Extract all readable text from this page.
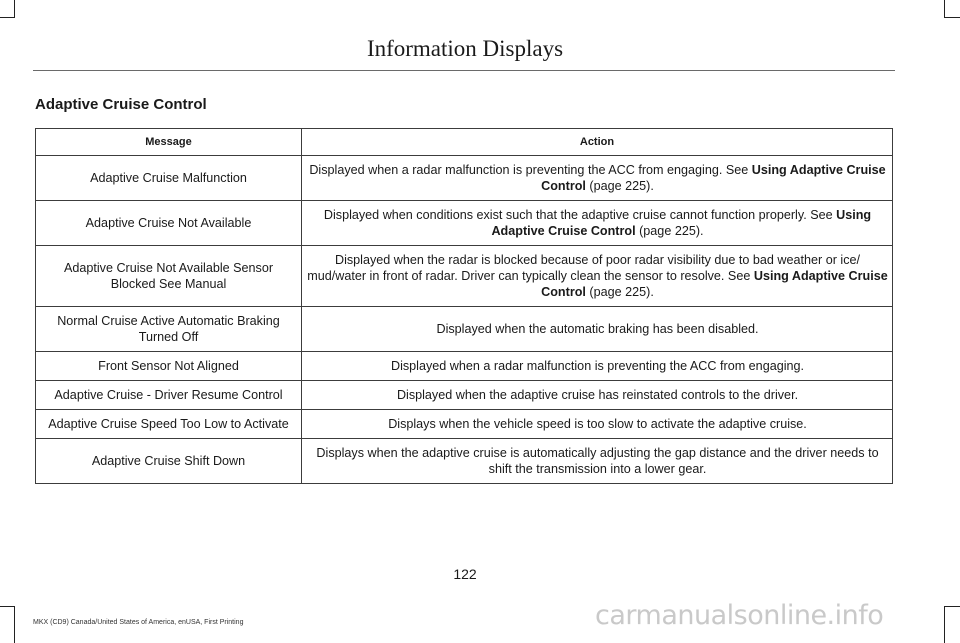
Information Displays
Adaptive Cruise Control
Message	Action
Adaptive Cruise Malfunction	Displayed when a radar malfunction is preventing the ACC from engaging. See Using Adaptive Cruise Control (page 225).
Adaptive Cruise Not Available	Displayed when conditions exist such that the adaptive cruise cannot function properly. See Using Adaptive Cruise Control (page 225).
Adaptive Cruise Not Available Sensor Blocked See Manual	Displayed when the radar is blocked because of poor radar visibility due to bad weather or ice/ mud/water in front of radar. Driver can typically clean the sensor to resolve. See Using Adaptive Cruise Control (page 225).
Normal Cruise Active Automatic Braking Turned Off	Displayed when the automatic braking has been disabled.
Front Sensor Not Aligned	Displayed when a radar malfunction is preventing the ACC from engaging.
Adaptive Cruise - Driver Resume Control	Displayed when the adaptive cruise has reinstated controls to the driver.
Adaptive Cruise Speed Too Low to Activate	Displays when the vehicle speed is too slow to activate the adaptive cruise.
Adaptive Cruise Shift Down	Displays when the adaptive cruise is automatically adjusting the gap distance and the driver needs to shift the transmission into a lower gear.
122
MKX (CD9) Canada/United States of America, enUSA, First Printing	carmanualsonline.info
